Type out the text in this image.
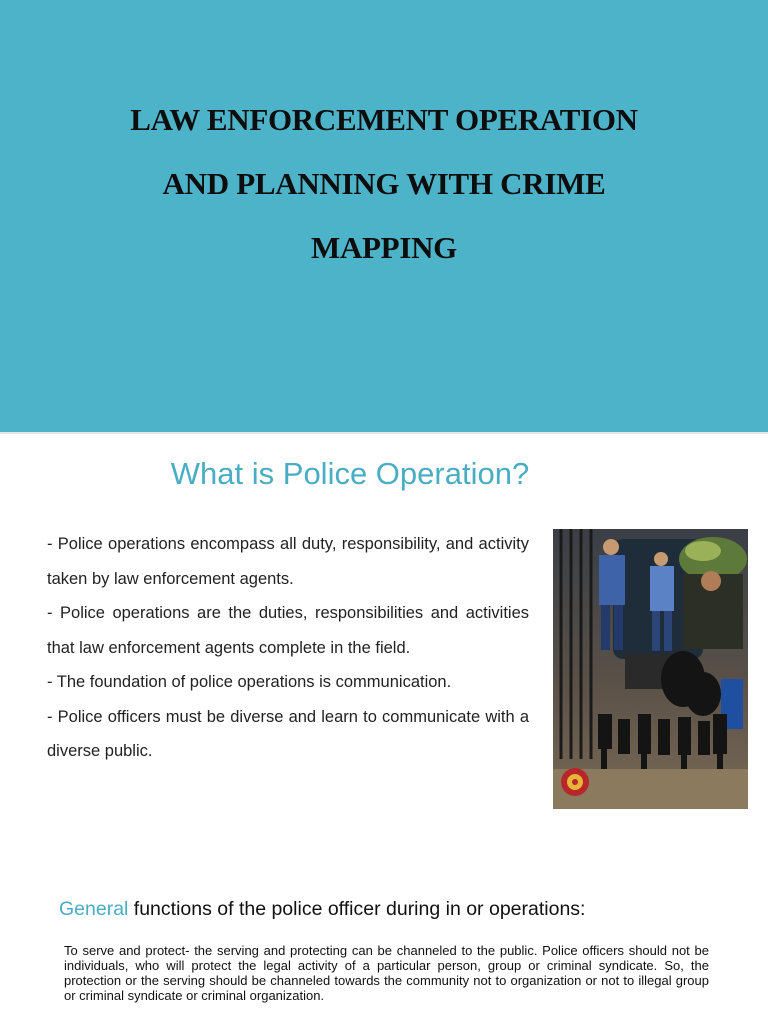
LAW ENFORCEMENT OPERATION
AND PLANNING WITH CRIME
MAPPING
What is Police Operation?

- Police operations encompass all duty, responsibility, and activity taken by law enforcement agents.

- Police operations are the duties, responsibilities and activities that law enforcement agents complete in the field.

- The foundation of police operations is communication.

- Police officers must be diverse and learn to communicate with a diverse public.

General functions of the police officer during in or operations:
To serve and protect- the serving and protecting can be channeled to the public. Police officers should not be individuals, who will protect the legal activity of a particular person, group or criminal syndicate. So, the protection or the serving should be channeled towards the community not to organization or not to illegal group or criminal syndicate or criminal organization.
